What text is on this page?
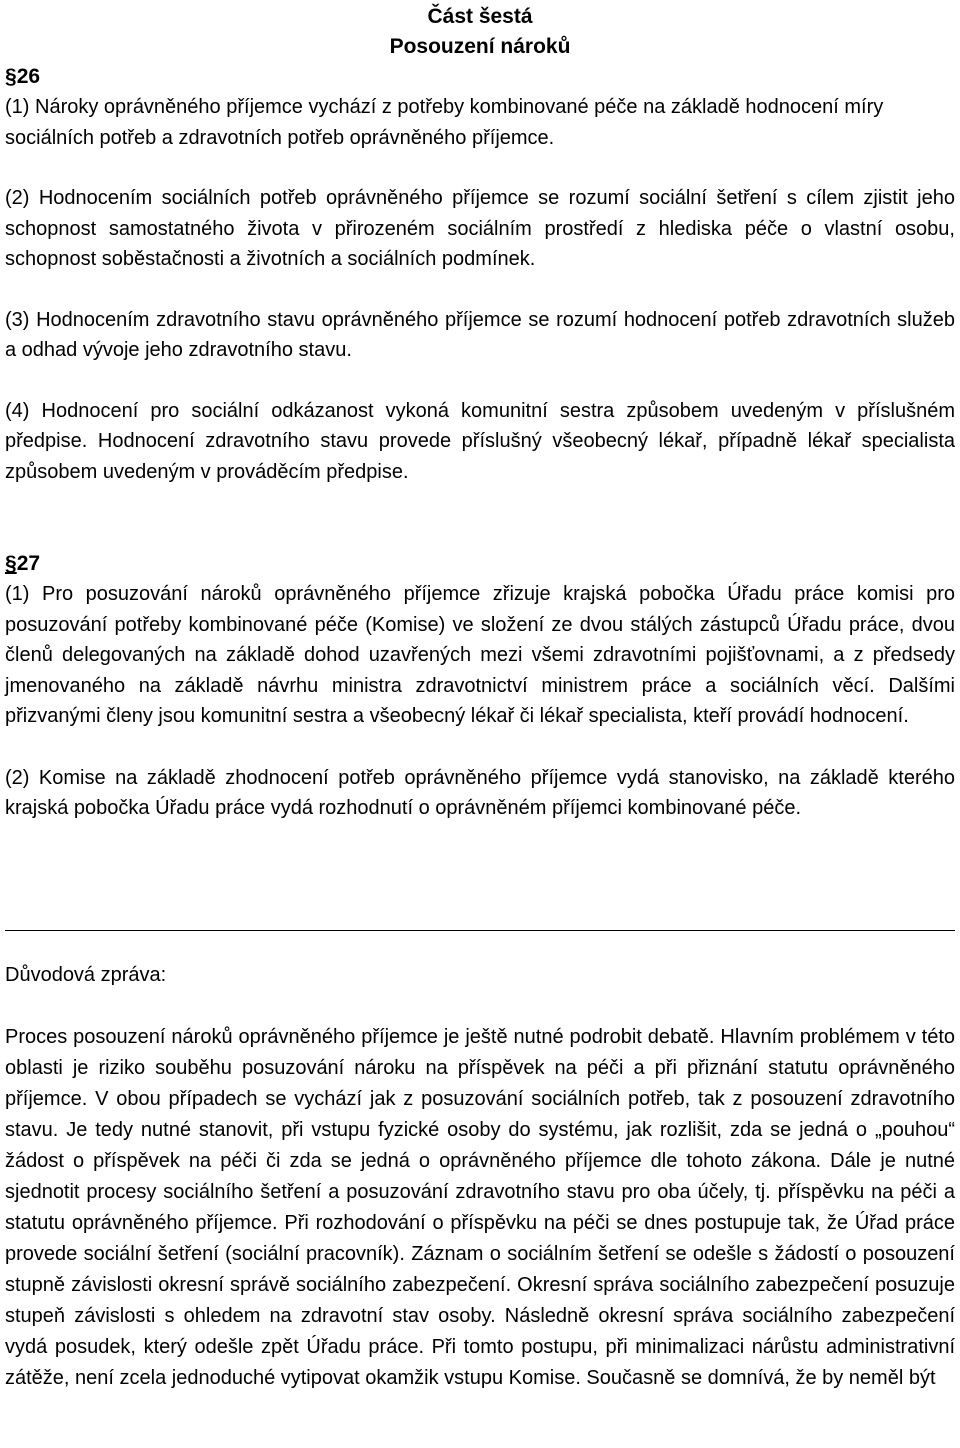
Část šestá
Posouzení nároků
§26

(1) Nároky oprávněného příjemce vychází z potřeby kombinované péče na základě hodnocení míry sociálních potřeb a zdravotních potřeb oprávněného příjemce.

(2) Hodnocením sociálních potřeb oprávněného příjemce se rozumí sociální šetření s cílem zjistit jeho schopnost samostatného života v přirozeném sociálním prostředí z hlediska péče o vlastní osobu, schopnost soběstačnosti a životních a sociálních podmínek.

(3) Hodnocením zdravotního stavu oprávněného příjemce se rozumí hodnocení potřeb zdravotních služeb a odhad vývoje jeho zdravotního stavu.

(4) Hodnocení pro sociální odkázanost vykoná komunitní sestra způsobem uvedeným v příslušném předpise. Hodnocení zdravotního stavu provede příslušný všeobecný lékař, případně lékař specialista způsobem uvedeným v prováděcím předpise.

§27

(1) Pro posuzování nároků oprávněného příjemce zřizuje krajská pobočka Úřadu práce komisi pro posuzování potřeby kombinované péče (Komise) ve složení ze dvou stálých zástupců Úřadu práce, dvou členů delegovaných na základě dohod uzavřených mezi všemi zdravotními pojišťovnami, a z předsedy jmenovaného na základě návrhu ministra zdravotnictví ministrem práce a sociálních věcí. Dalšími přizvanými členy jsou komunitní sestra a všeobecný lékař či lékař specialista, kteří provádí hodnocení.

(2) Komise na základě zhodnocení potřeb oprávněného příjemce vydá stanovisko, na základě kterého krajská pobočka Úřadu práce vydá rozhodnutí o oprávněném příjemci kombinované péče.

Důvodová zpráva:

Proces posouzení nároků oprávněného příjemce je ještě nutné podrobit debatě. Hlavním problémem v této oblasti je riziko souběhu posuzování nároku na příspěvek na péči a při přiznání statutu oprávněného příjemce. V obou případech se vychází jak z posuzování sociálních potřeb, tak z posouzení zdravotního stavu. Je tedy nutné stanovit, při vstupu fyzické osoby do systému, jak rozlišit, zda se jedná o „pouhou“ žádost o příspěvek na péči či zda se jedná o oprávněného příjemce dle tohoto zákona. Dále je nutné sjednotit procesy sociálního šetření a posuzování zdravotního stavu pro oba účely, tj. příspěvku na péči a statutu oprávněného příjemce. Při rozhodování o příspěvku na péči se dnes postupuje tak, že Úřad práce provede sociální šetření (sociální pracovník). Záznam o sociálním šetření se odešle s žádostí o posouzení stupně závislosti okresní správě sociálního zabezpečení. Okresní správa sociálního zabezpečení posuzuje stupeň závislosti s ohledem na zdravotní stav osoby. Následně okresní správa sociálního zabezpečení vydá posudek, který odešle zpět Úřadu práce. Při tomto postupu, při minimalizaci nárůstu administrativní zátěže, není zcela jednoduché vytipovat okamžik vstupu Komise. Současně se domnívá, že by neměl být
